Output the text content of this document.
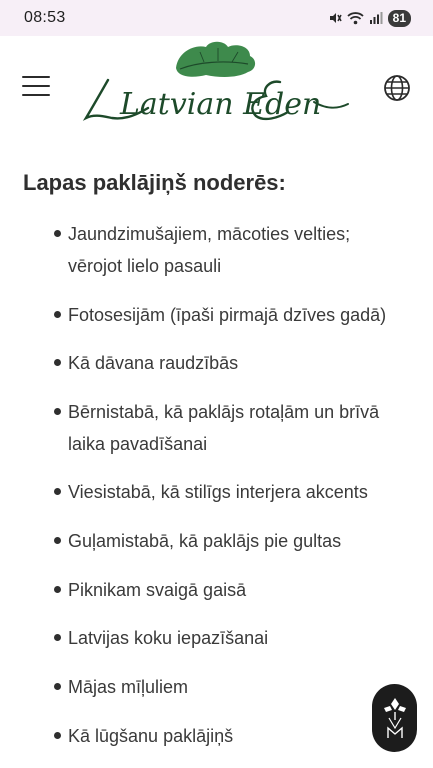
08:53	81
Latvian Eden
Lapas paklājiņš noderēs:
Jaundzimušajiem, mācoties velties;
vērojot lielo pasauli
Fotosesijām (īpaši pirmajā dzīves gadā)
Kā dāvana raudzībās
Bērnistabā, kā paklājs rotaļām un brīvā
laika pavadīšanai
Viesistabā, kā stilīgs interjera akcents
Guļamistabā, kā paklājs pie gultas
Piknikam svaigā gaisā
Latvijas koku iepazīšanai
Mājas mīļuliem
Kā lūgšanu paklājiņš
